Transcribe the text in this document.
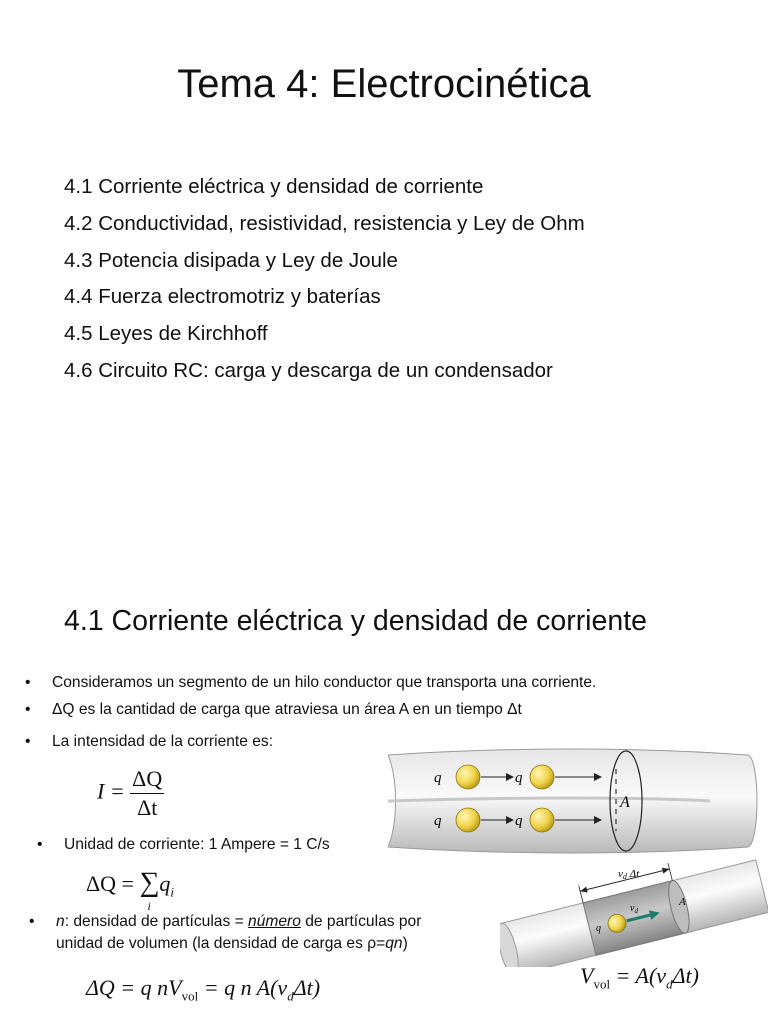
Tema 4: Electrocinética
4.1 Corriente eléctrica y densidad de corriente
4.2 Conductividad, resistividad, resistencia y Ley de Ohm
4.3 Potencia disipada y Ley de Joule
4.4 Fuerza electromotriz y baterías
4.5 Leyes de Kirchhoff
4.6 Circuito RC: carga y descarga de un condensador
4.1 Corriente eléctrica y densidad de corriente
• Consideramos un segmento de un hilo conductor que transporta una corriente.
• ΔQ es la cantidad de carga que atraviesa un área A en un tiempo Δt
• La intensidad de la corriente es:
$I = \frac{\Delta Q}{\Delta t}$
• Unidad de corriente: 1 Ampere = 1 C/s
ΔQ = ∑
i
$q_i$
• n: densidad de partículas = número de partículas por
unidad de volumen (la densidad de carga es ρ=qn)
ΔQ = q $nV_{vol} = q$ n $A(v_d\Delta t)$	$V_{vol} = A(v_d\Delta t)$
q	q
q	q
A
vd Δt
q
$v_d$
A
